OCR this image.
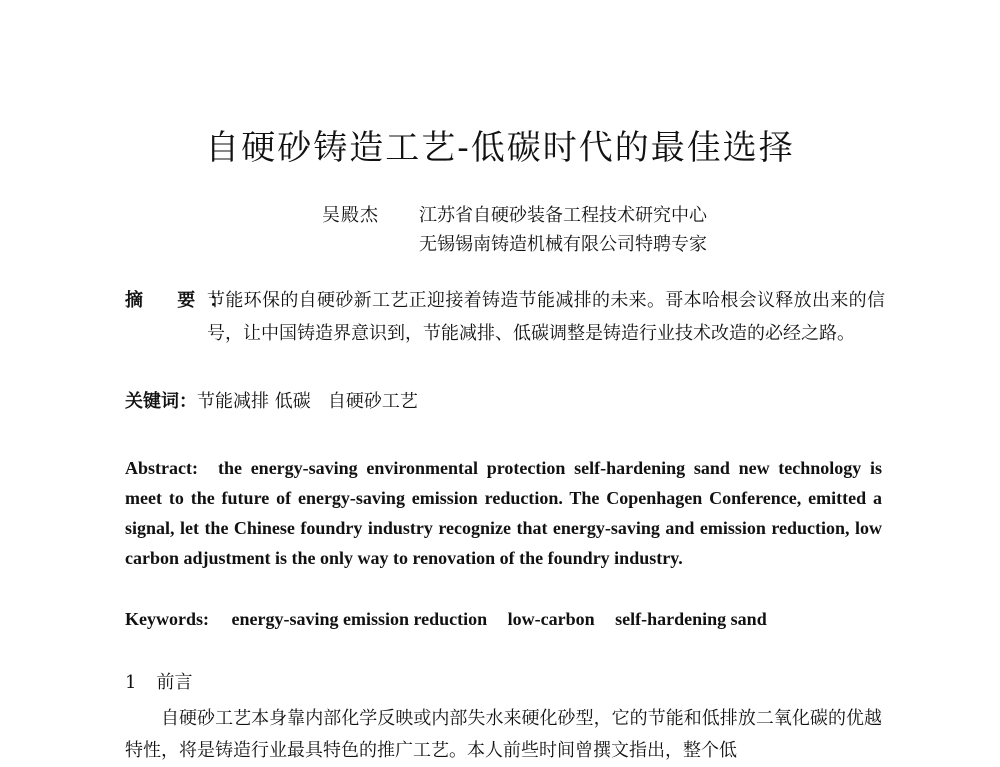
自硬砂铸造工艺-低碳时代的最佳选择
吴殿杰 江苏省自硬砂装备工程技术研究中心
无锡锡南铸造机械有限公司特聘专家
摘 要：
节能环保的自硬砂新工艺正迎接着铸造节能减排的未来。哥本哈根会议释放出来的信号，让中国铸造界意识到，节能减排、低碳调整是铸造行业技术改造的必经之路。
关键词：节能减排 低碳 自硬砂工艺
Abstract: the energy-saving environmental protection self-hardening sand new technology is meet to the future of energy-saving emission reduction. The Copenhagen Conference, emitted a signal, let the Chinese foundry industry recognize that energy-saving and emission reduction, low carbon adjustment is the only way to renovation of the foundry industry.
Keywords: energy-saving emission reduction low-carbon self-hardening sand
1 前言
自硬砂工艺本身靠内部化学反映或内部失水来硬化砂型，它的节能和低排放二氧化碳的优越特性，将是铸造行业最具特色的推广工艺。本人前些时间曾撰文指出，整个低
